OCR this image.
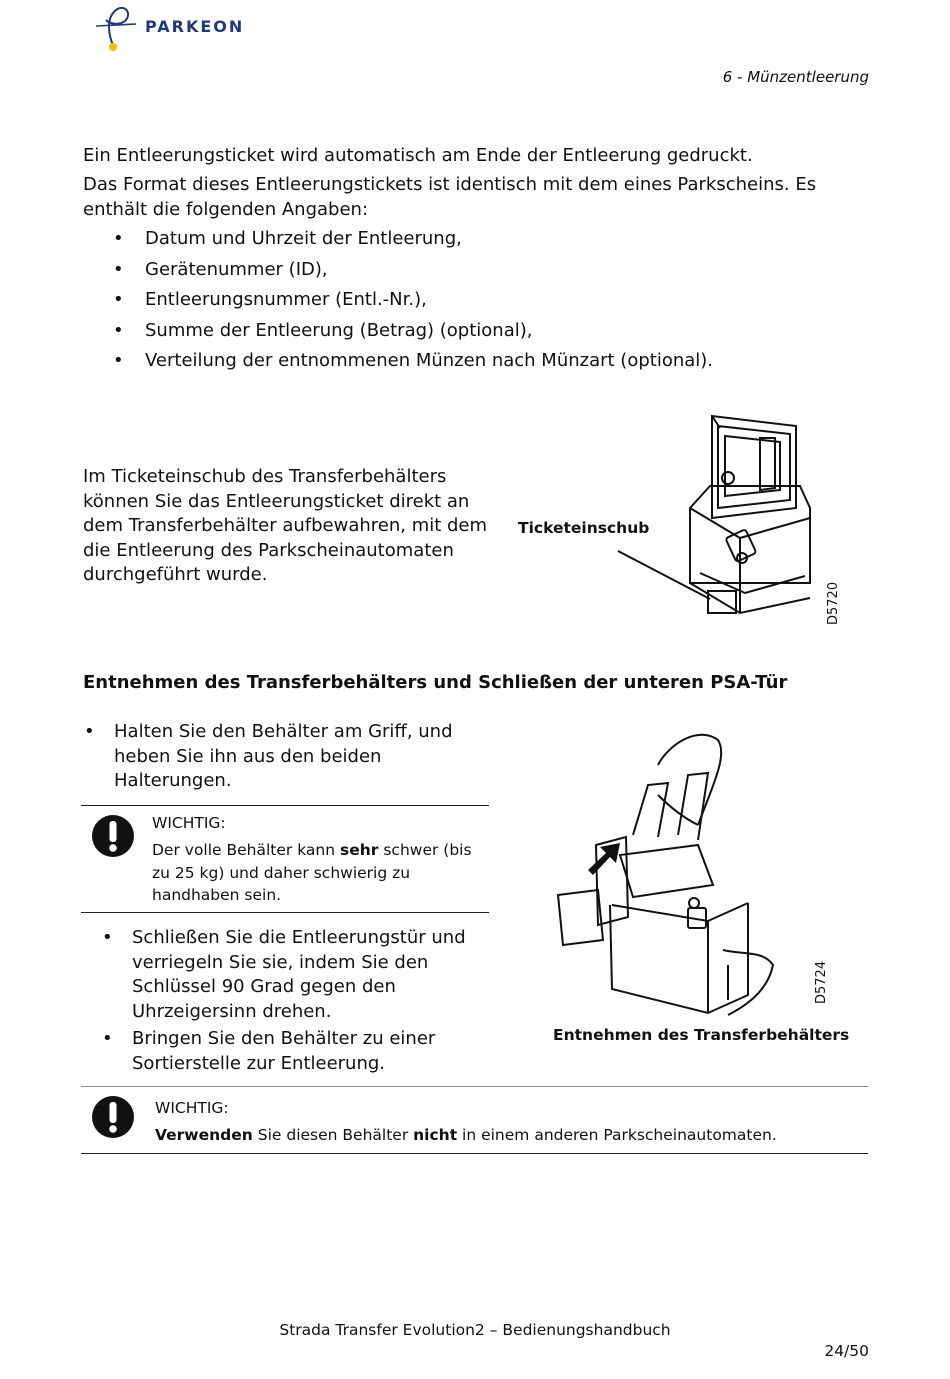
PARKEON
6 - Münzentleerung
Ein Entleerungsticket wird automatisch am Ende der Entleerung gedruckt.
Das Format dieses Entleerungstickets ist identisch mit dem eines Parkscheins. Es enthält die folgenden Angaben:
• Datum und Uhrzeit der Entleerung,
• Gerätenummer (ID),
• Entleerungsnummer (Entl.-Nr.),
• Summe der Entleerung (Betrag) (optional),
• Verteilung der entnommenen Münzen nach Münzart (optional).
Im Ticketeinschub des Transferbehälters können Sie das Entleerungsticket direkt an dem Transferbehälter aufbewahren, mit dem die Entleerung des Parkscheinautomaten durchgeführt wurde.
Ticketeinschub
D5720
Entnehmen des Transferbehälters und Schließen der unteren PSA-Tür
• Halten Sie den Behälter am Griff, und heben Sie ihn aus den beiden Halterungen.
WICHTIG:
Der volle Behälter kann sehr schwer (bis zu 25 kg) und daher schwierig zu handhaben sein.
• Schließen Sie die Entleerungstür und verriegeln Sie sie, indem Sie den Schlüssel 90 Grad gegen den Uhrzeigersinn drehen.
• Bringen Sie den Behälter zu einer Sortierstelle zur Entleerung.
D5724
Entnehmen des Transferbehälters
WICHTIG:
Verwenden Sie diesen Behälter nicht in einem anderen Parkscheinautomaten.
Strada Transfer Evolution2 – Bedienungshandbuch
24/50
